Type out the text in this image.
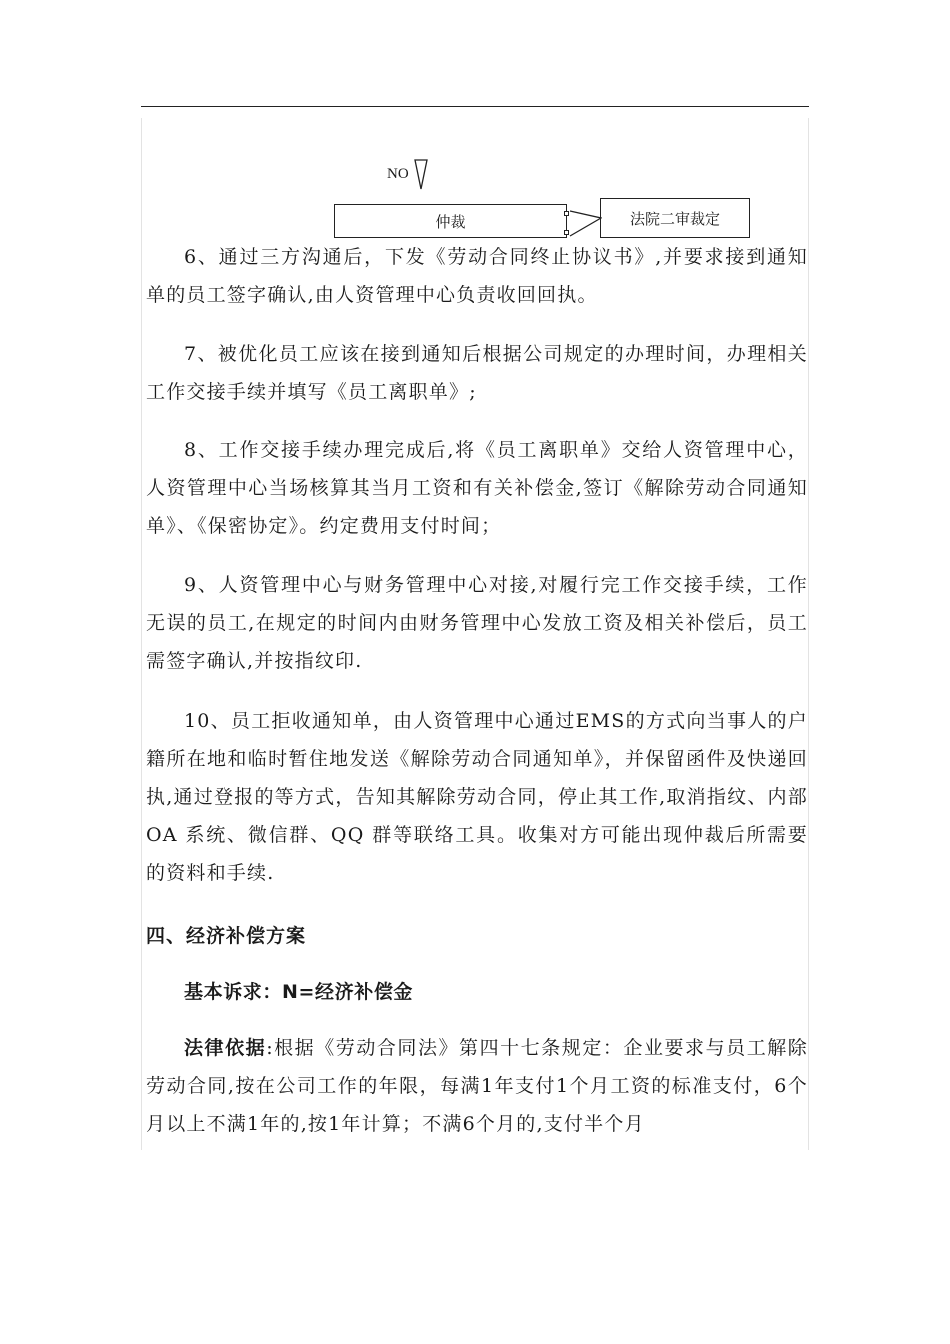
NO
仲裁	法院二审裁定

6、通过三方沟通后，下发《劳动合同终止协议书》,并要求接到通知单的员工签字确认,由人资管理中心负责收回回执。

7、被优化员工应该在接到通知后根据公司规定的办理时间，办理相关工作交接手续并填写《员工离职单》;

8、工作交接手续办理完成后,将《员工离职单》交给人资管理中心，人资管理中心当场核算其当月工资和有关补偿金,签订《解除劳动合同通知单》、《保密协定》。约定费用支付时间；

9、人资管理中心与财务管理中心对接,对履行完工作交接手续，工作无误的员工,在规定的时间内由财务管理中心发放工资及相关补偿后，员工需签字确认,并按指纹印.

10、员工拒收通知单，由人资管理中心通过EMS的方式向当事人的户籍所在地和临时暂住地发送《解除劳动合同通知单》，并保留函件及快递回执,通过登报的等方式，告知其解除劳动合同，停止其工作,取消指纹、内部 OA 系统、微信群、QQ 群等联络工具。收集对方可能出现仲裁后所需要的资料和手续.

四、经济补偿方案
基本诉求：N=经济补偿金

法律依据:根据《劳动合同法》第四十七条规定：企业要求与员工解除劳动合同,按在公司工作的年限，每满1年支付1个月工资的标准支付，6个月以上不满1年的,按1年计算；不满6个月的,支付半个月
